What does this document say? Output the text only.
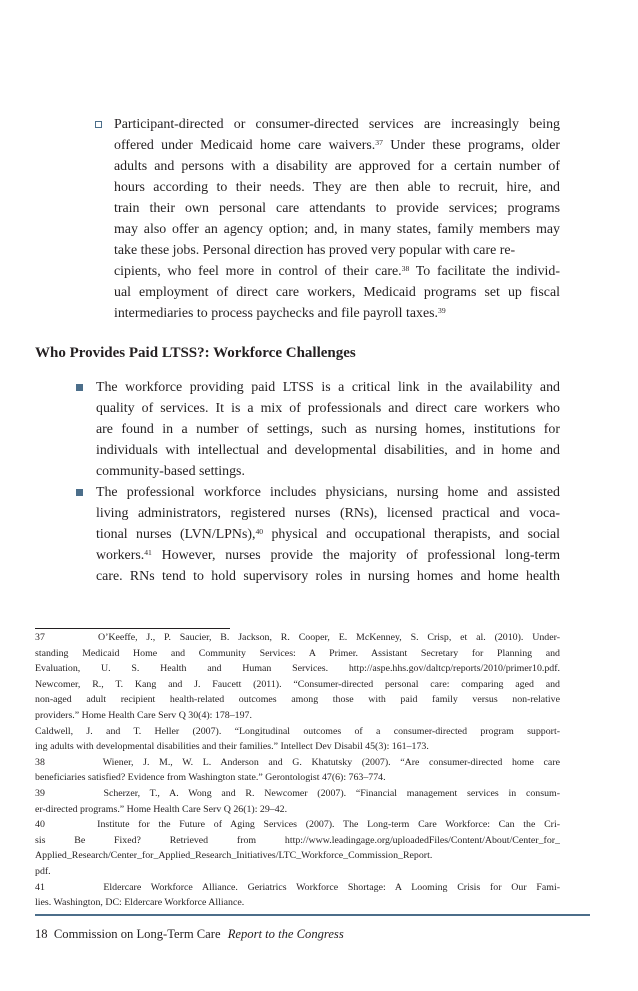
Participant-directed or consumer-directed services are increasingly being
offered under Medicaid home care waivers.$^{37}$ Under these programs, older
adults and persons with a disability are approved for a certain number of
hours according to their needs. They are then able to recruit, hire, and
train their own personal care attendants to provide services; programs
may also offer an agency option; and, in many states, family members may
take these jobs. Personal direction has proved very popular with care re-
cipients, who feel more in control of their care.$^{38}$ To facilitate the individ-
ual employment of direct care workers, Medicaid programs set up fiscal
intermediaries to process paychecks and file payroll taxes.$^{39}$
Who Provides Paid LTSS?: Workforce Challenges
The workforce providing paid LTSS is a critical link in the availability and
quality of services. It is a mix of professionals and direct care workers who
are found in a number of settings, such as nursing homes, institutions for
individuals with intellectual and developmental disabilities, and in home and
community-based settings.
The professional workforce includes physicians, nursing home and assisted
living administrators, registered nurses (RNs), licensed practical and voca-
tional nurses (LVN/LPNs),$^{40}$ physical and occupational therapists, and social
workers.$^{41}$ However, nurses provide the majority of professional long-term
care. RNs tend to hold supervisory roles in nursing homes and home health
37      O’Keeffe, J., P. Saucier, B. Jackson, R. Cooper, E. McKenney, S. Crisp, et al. (2010). Under-
standing Medicaid Home and Community Services: A Primer. Assistant Secretary for Planning and
Evaluation, U. S. Health and Human Services. http://aspe.hhs.gov/daltcp/reports/2010/primer10.pdf.
Newcomer, R., T. Kang and J. Faucett (2011). “Consumer-directed personal care: comparing aged and
non-aged adult recipient health-related outcomes among those with paid family versus non-relative
providers.” Home Health Care Serv Q 30(4): 178–197.
Caldwell, J. and T. Heller (2007). “Longitudinal outcomes of a consumer-directed program support-
ing adults with developmental disabilities and their families.” Intellect Dev Disabil 45(3): 161–173.
38      Wiener, J. M., W. L. Anderson and G. Khatutsky (2007). “Are consumer-directed home care
beneficiaries satisfied? Evidence from Washington state.” Gerontologist 47(6): 763–774.
39      Scherzer, T., A. Wong and R. Newcomer (2007). “Financial management services in consum-
er-directed programs.” Home Health Care Serv Q 26(1): 29–42.
40      Institute for the Future of Aging Services (2007). The Long-term Care Workforce: Can the Cri-
sis Be Fixed? Retrieved from http://www.leadingage.org/uploadedFiles/Content/About/Center_for_
Applied_Research/Center_for_Applied_Research_Initiatives/LTC_Workforce_Commission_Report.
pdf.
41      Eldercare Workforce Alliance. Geriatrics Workforce Shortage: A Looming Crisis for Our Fami-
lies. Washington, DC: Eldercare Workforce Alliance.
18 Commission on Long-Term Care Report to the Congress
